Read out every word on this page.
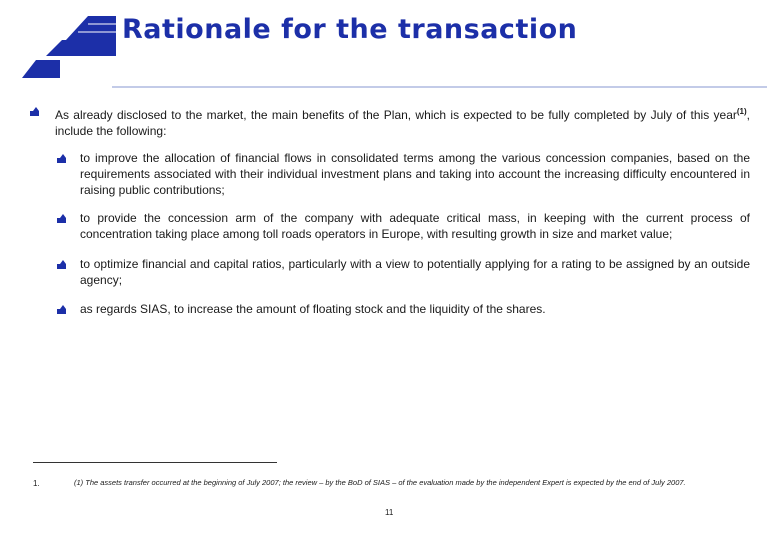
ASM
SIAS
Rationale for the transaction
As already disclosed to the market, the main benefits of the Plan, which is expected to be fully completed by July of this year$^{(1)}$, include the following:
to improve the allocation of financial flows in consolidated terms among the various concession companies, based on the requirements associated with their individual investment plans and taking into account the increasing difficulty encountered in raising public contributions;
to provide the concession arm of the company with adequate critical mass, in keeping with the current process of concentration taking place among toll roads operators in Europe, with resulting growth in size and market value;
to optimize financial and capital ratios, particularly with a view to potentially applying for a rating to be assigned by an outside agency;
as regards SIAS, to increase the amount of floating stock and the liquidity of the shares.
1.	(1) The assets transfer occurred at the beginning of July 2007; the review – by the BoD of SIAS – of the evaluation made by the independent Expert is expected by the end of July 2007.
11
